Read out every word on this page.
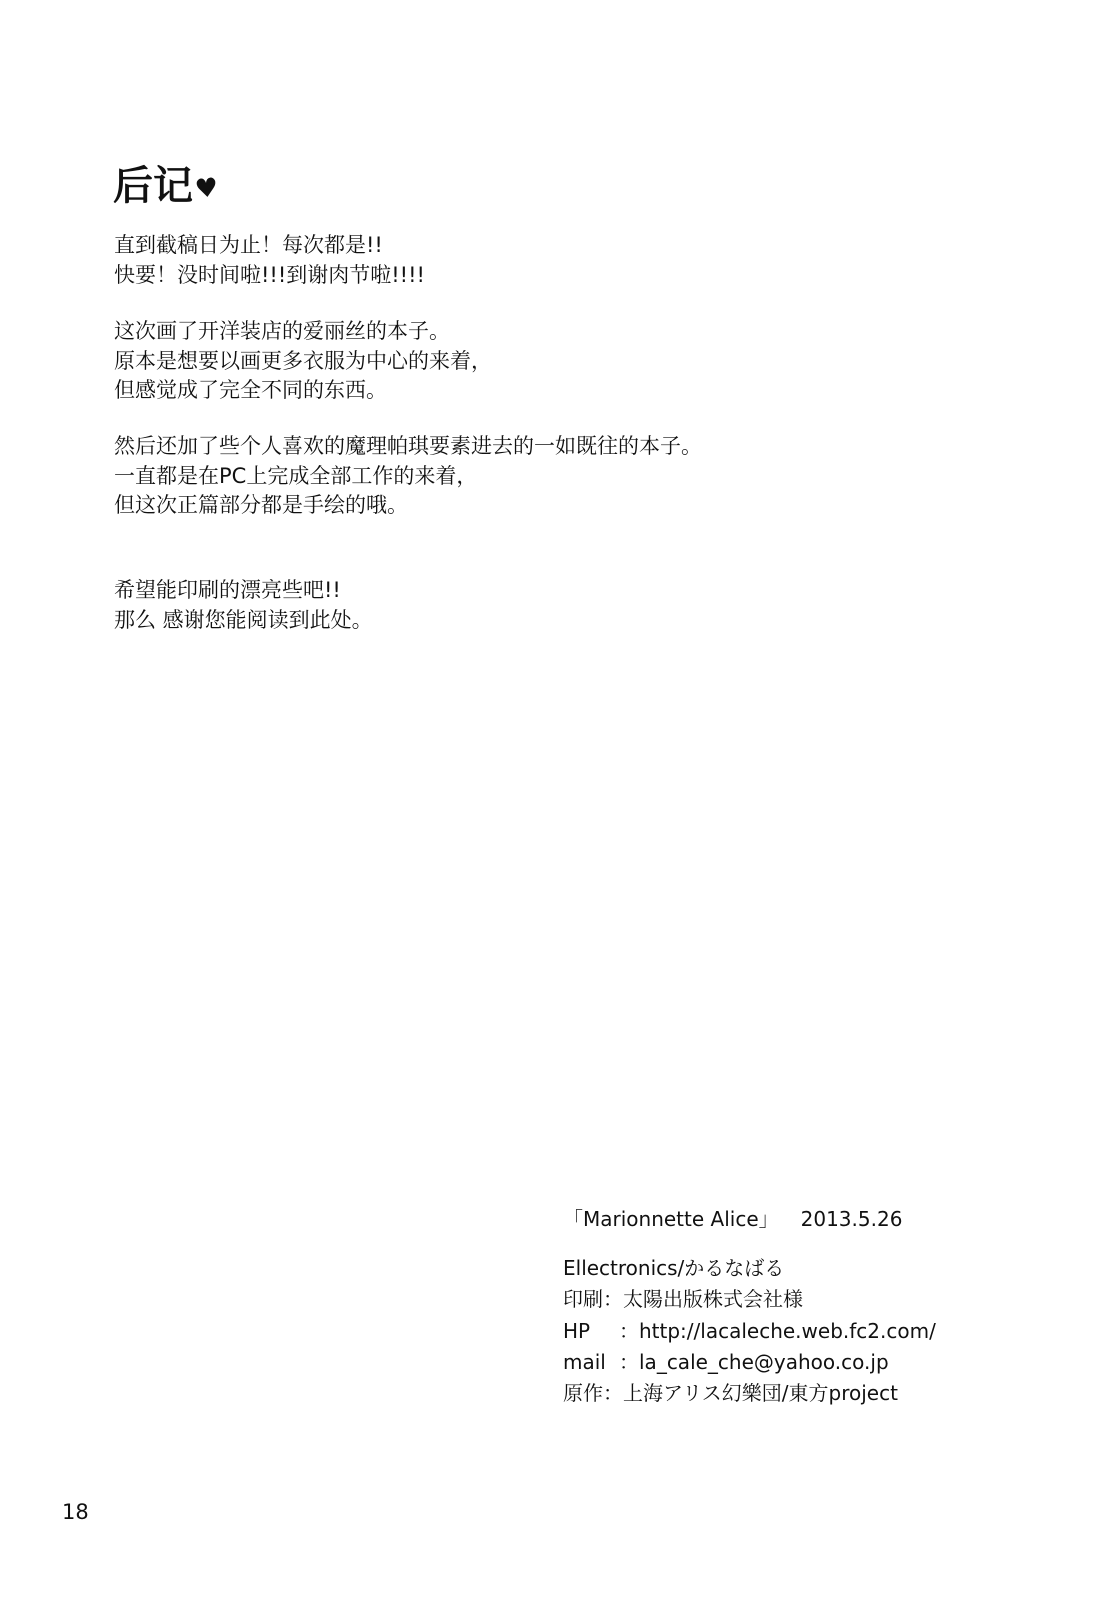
后记♥

直到截稿日为止！每次都是!!
快要！没时间啦!!!到谢肉节啦!!!!

这次画了开洋装店的爱丽丝的本子。
原本是想要以画更多衣服为中心的来着，
但感觉成了完全不同的东西。

然后还加了些个人喜欢的魔理帕琪要素进去的一如既往的本子。
一直都是在PC上完成全部工作的来着，
但这次正篇部分都是手绘的哦。

希望能印刷的漂亮些吧!!
那么 感谢您能阅读到此处。

「Marionnette Alice」 2013.5.26
Ellectronics/かるなばる
印刷：太陽出版株式会社様
HP ：http://lacaleche.web.fc2.com/
mail ：la_cale_che@yahoo.co.jp
原作：上海アリス幻樂団/東方project
18
